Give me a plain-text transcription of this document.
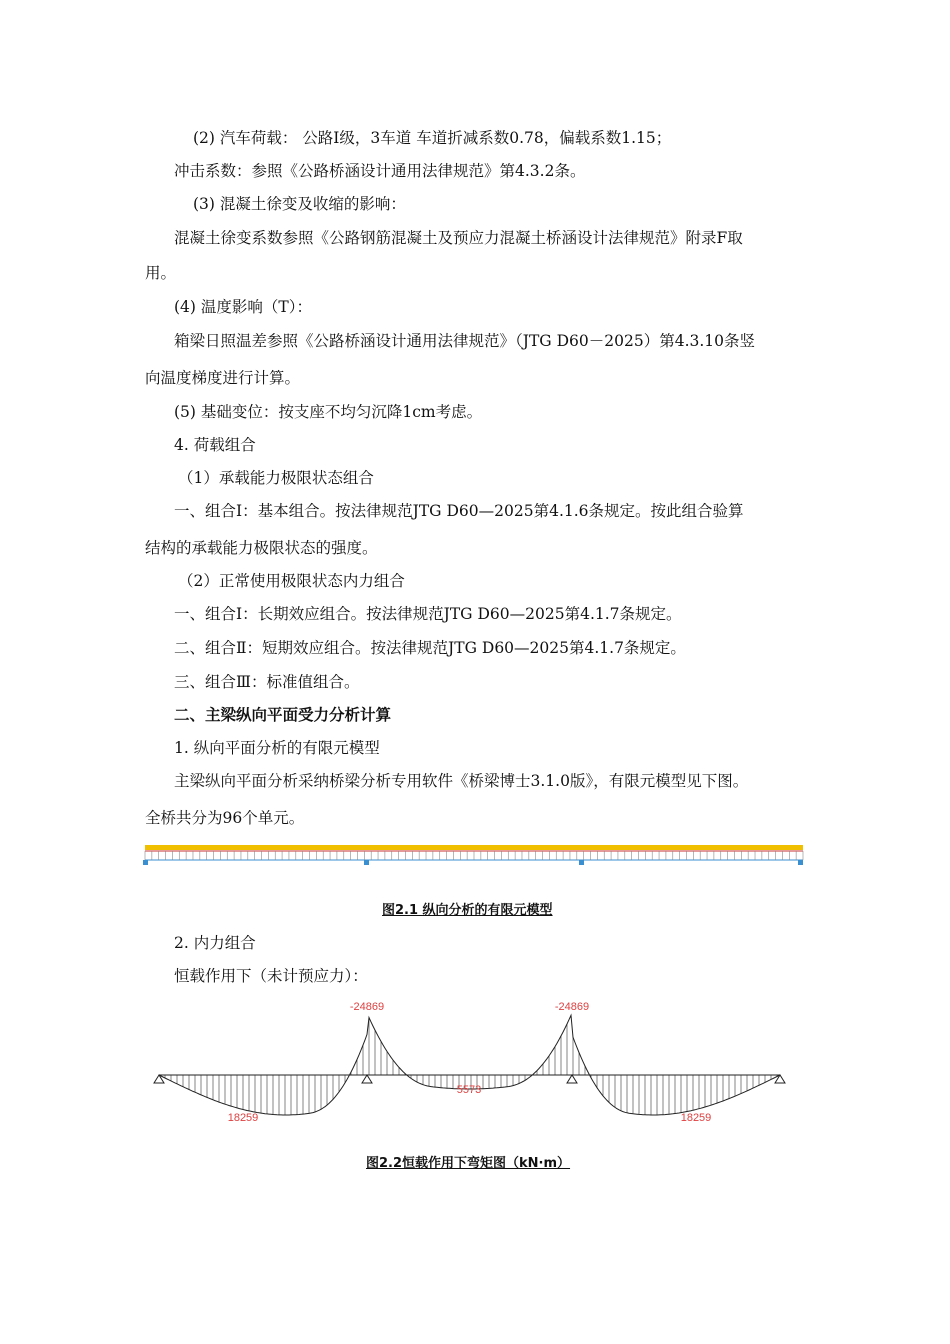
(2) 汽车荷载： 公路Ⅰ级，3车道 车道折减系数0.78，偏载系数1.15；
冲击系数：参照《公路桥涵设计通用法律规范》第4.3.2条。
(3) 混凝土徐变及收缩的影响：
混凝土徐变系数参照《公路钢筋混凝土及预应力混凝土桥涵设计法律规范》附录F取
用。
(4) 温度影响（T）：
箱梁日照温差参照《公路桥涵设计通用法律规范》（JTG D60－2025）第4.3.10条竖
向温度梯度进行计算。
(5) 基础变位：按支座不均匀沉降1cm考虑。
4. 荷载组合
（1）承载能力极限状态组合
一、组合Ⅰ：基本组合。按法律规范JTG D60—2025第4.1.6条规定。按此组合验算
结构的承载能力极限状态的强度。
（2）正常使用极限状态内力组合
一、组合Ⅰ：长期效应组合。按法律规范JTG D60—2025第4.1.7条规定。
二、组合Ⅱ：短期效应组合。按法律规范JTG D60—2025第4.1.7条规定。
三、组合Ⅲ：标准值组合。
二、主梁纵向平面受力分析计算
1. 纵向平面分析的有限元模型
主梁纵向平面分析采纳桥梁分析专用软件《桥梁博士3.1.0版》，有限元模型见下图。
全桥共分为96个单元。
图2.1 纵向分析的有限元模型
2. 内力组合
恒载作用下（未计预应力）：
-24869	-24869
5573
18259	18259
图2.2恒载作用下弯矩图（kN·m）
